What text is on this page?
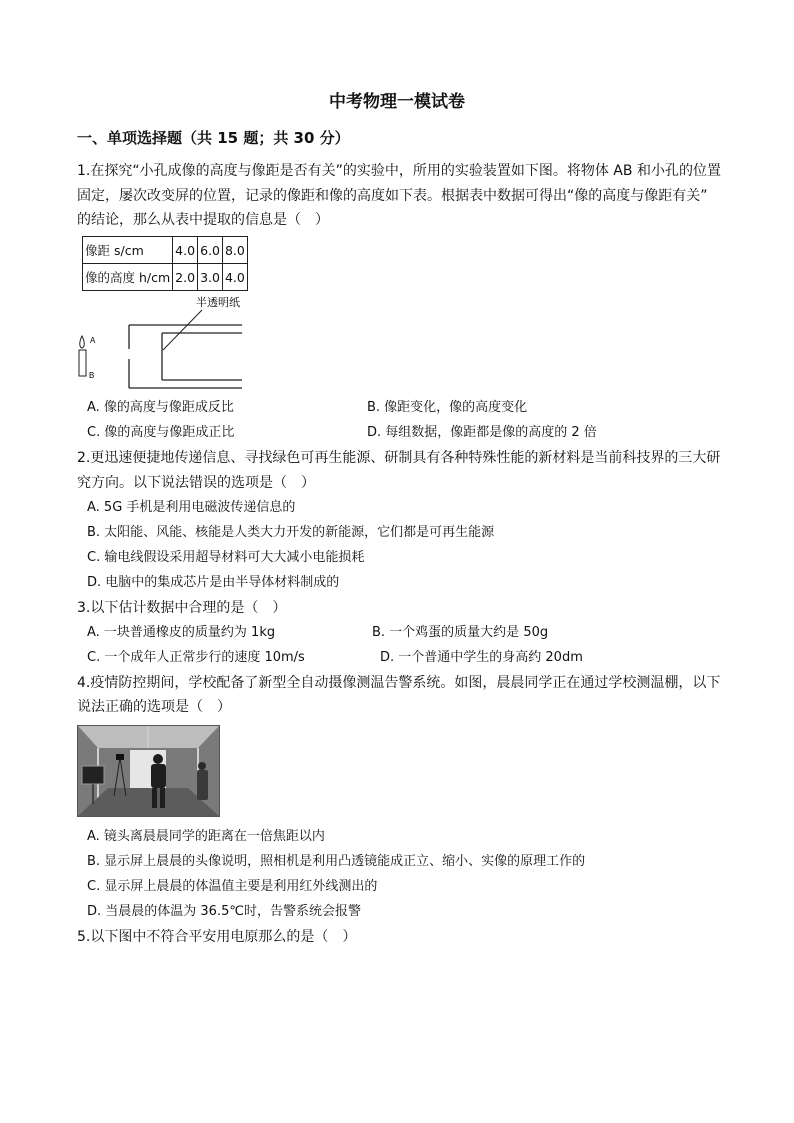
中考物理一模试卷
一、单项选择题（共 15 题；共 30 分）
1.在探究“小孔成像的高度与像距是否有关”的实验中，所用的实验装置如下图。将物体 AB 和小孔的位置
固定，屡次改变屏的位置，记录的像距和像的高度如下表。根据表中数据可得出“像的高度与像距有关”
的结论，那么从表中提取的信息是（　）
像距 s/cm	4.0	6.0	8.0
像的高度 h/cm	2.0	3.0	4.0
A
B
半透明纸
A. 像的高度与像距成反比	B. 像距变化，像的高度变化
C. 像的高度与像距成正比	D. 每组数据，像距都是像的高度的 2 倍
2.更迅速便捷地传递信息、寻找绿色可再生能源、研制具有各种特殊性能的新材料是当前科技界的三大研
究方向。以下说法错误的选项是（　）
A. 5G 手机是利用电磁波传递信息的
B. 太阳能、风能、核能是人类大力开发的新能源，它们都是可再生能源
C. 输电线假设采用超导材料可大大减小电能损耗
D. 电脑中的集成芯片是由半导体材料制成的
3.以下估计数据中合理的是（　）
A. 一块普通橡皮的质量约为 1kg	B. 一个鸡蛋的质量大约是 50g
C. 一个成年人正常步行的速度 10m/s	D. 一个普通中学生的身高约 20dm
4.疫情防控期间，学校配备了新型全自动摄像测温告警系统。如图，晨晨同学正在通过学校测温棚，以下
说法正确的选项是（　）
A. 镜头离晨晨同学的距离在一倍焦距以内
B. 显示屏上晨晨的头像说明，照相机是利用凸透镜能成正立、缩小、实像的原理工作的
C. 显示屏上晨晨的体温值主要是利用红外线测出的
D. 当晨晨的体温为 36.5℃时，告警系统会报警
5.以下图中不符合平安用电原那么的是（　）
